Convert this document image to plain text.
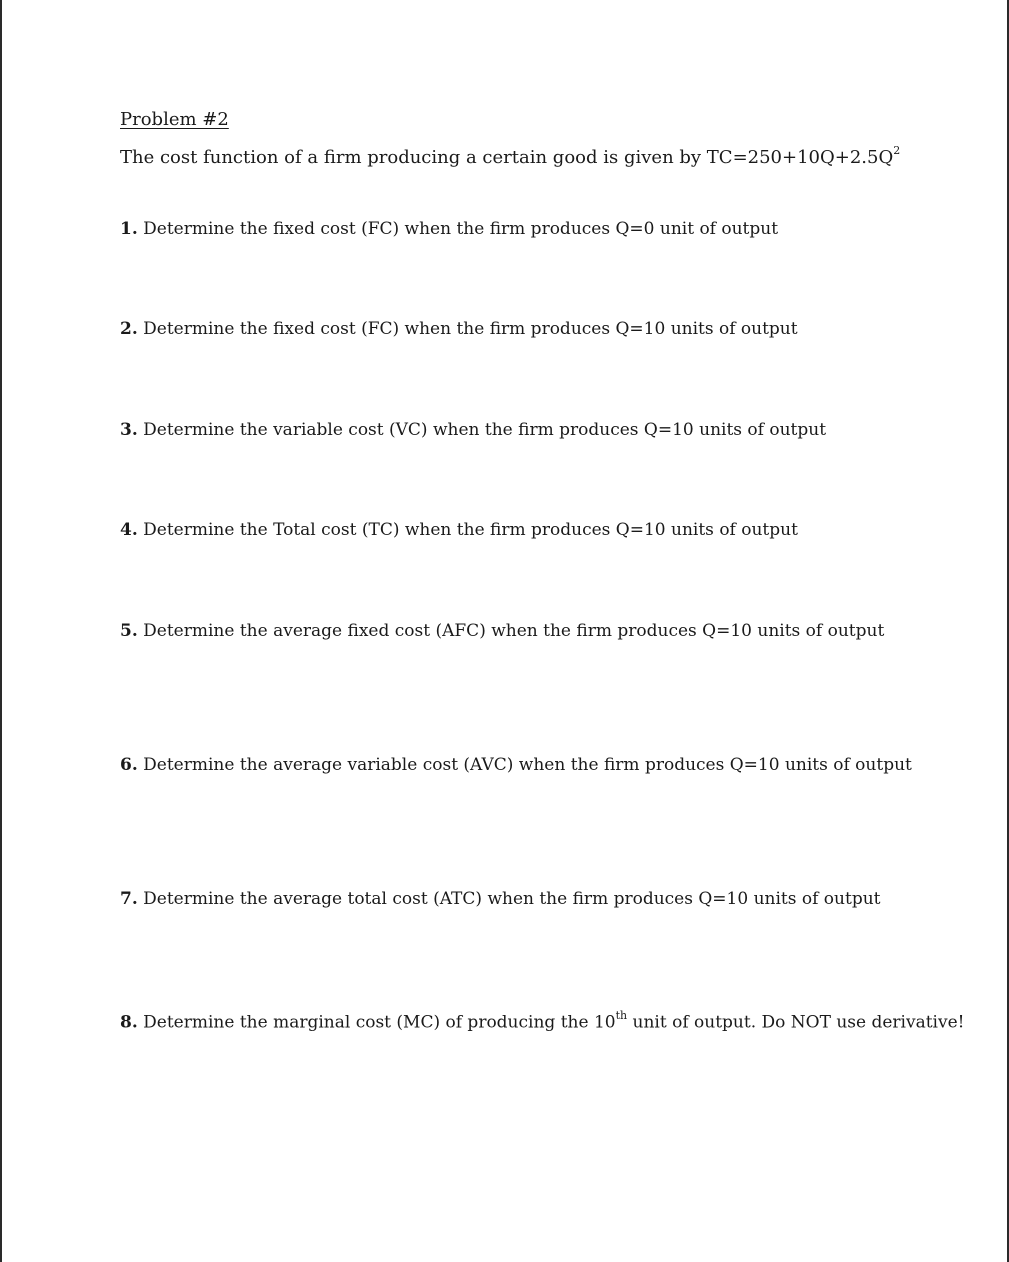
Problem #2
The cost function of a firm producing a certain good is given by $TC=250+10Q+2.5Q^2$
1. Determine the fixed cost (FC) when the firm produces Q=0 unit of output
2. Determine the fixed cost (FC) when the firm produces Q=10 units of output
3. Determine the variable cost (VC) when the firm produces Q=10 units of output
4. Determine the Total cost (TC) when the firm produces Q=10 units of output
5. Determine the average fixed cost (AFC) when the firm produces Q=10 units of output
6. Determine the average variable cost (AVC) when the firm produces Q=10 units of output
7. Determine the average total cost (ATC) when the firm produces Q=10 units of output
8. Determine the marginal cost (MC) of producing the 10th unit of output. Do NOT use derivative!
